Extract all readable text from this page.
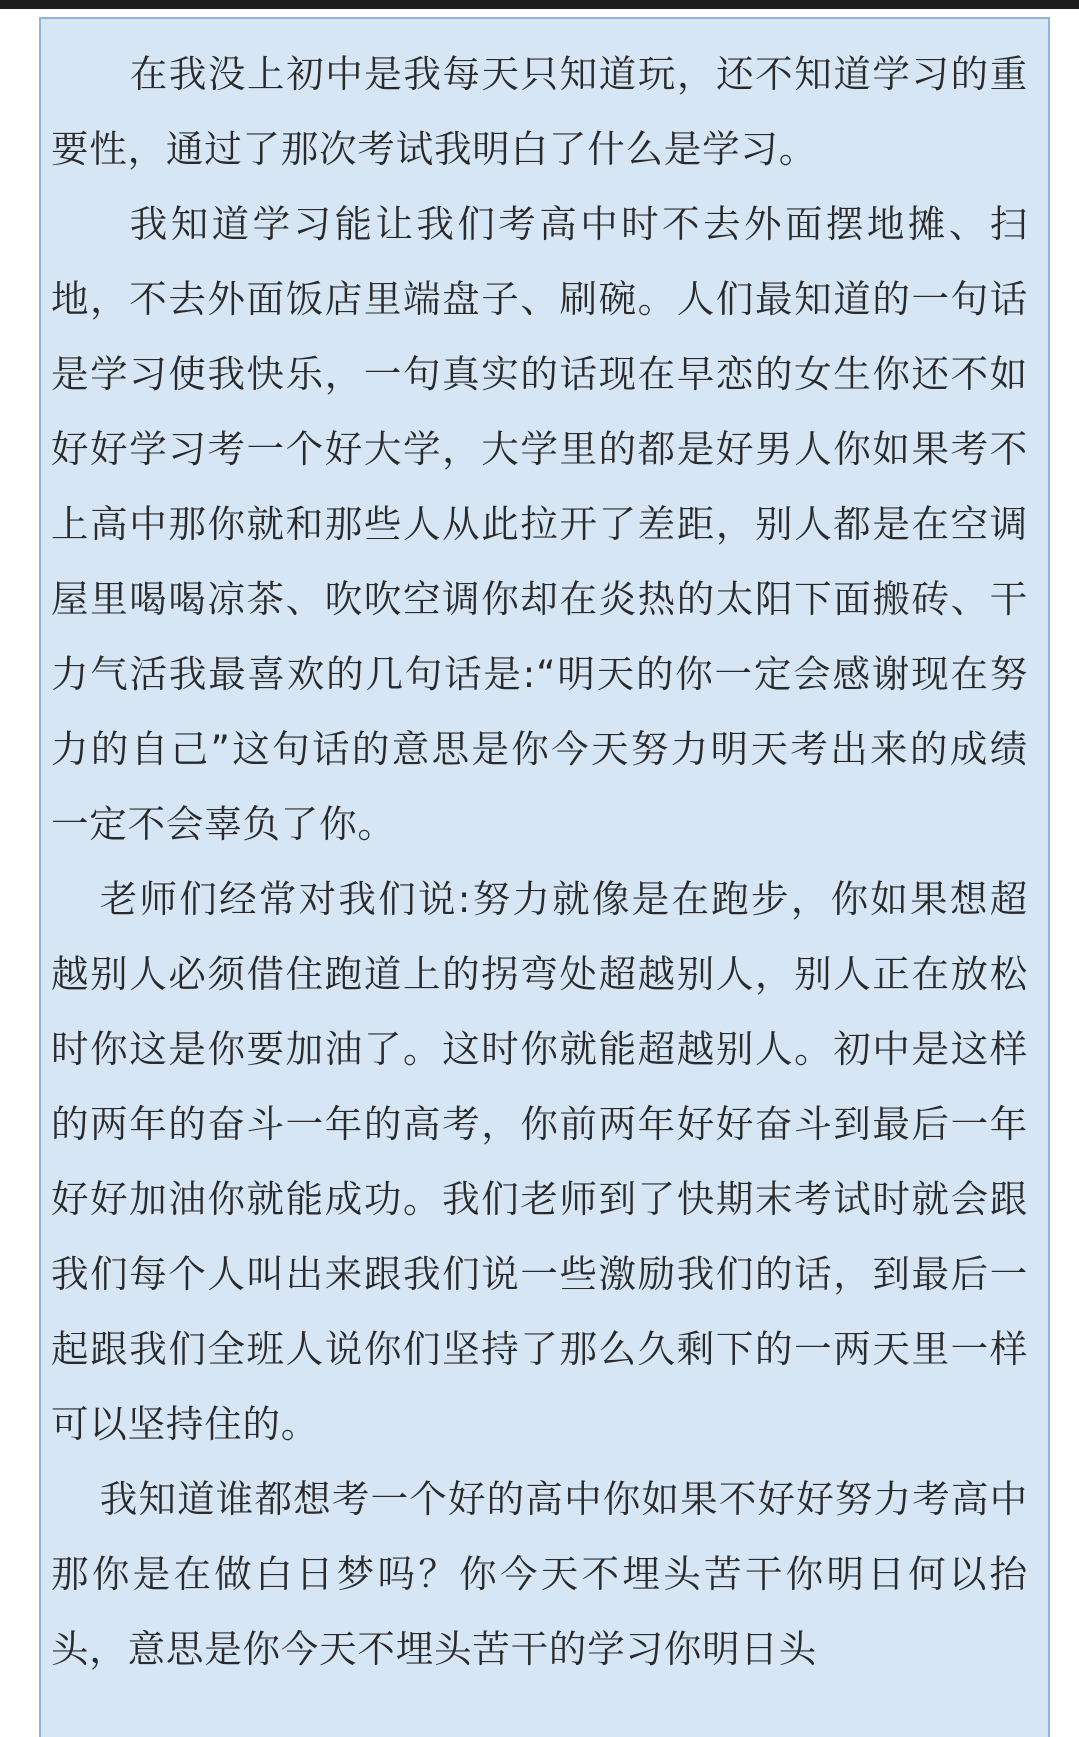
在我没上初中是我每天只知道玩，还不知道学习的重要性，通过了那次考试我明白了什么是学习。

我知道学习能让我们考高中时不去外面摆地摊、扫地，不去外面饭店里端盘子、刷碗。人们最知道的一句话是学习使我快乐，一句真实的话现在早恋的女生你还不如好好学习考一个好大学，大学里的都是好男人你如果考不上高中那你就和那些人从此拉开了差距，别人都是在空调屋里喝喝凉茶、吹吹空调你却在炎热的太阳下面搬砖、干力气活我最喜欢的几句话是:“明天的你一定会感谢现在努力的自己”这句话的意思是你今天努力明天考出来的成绩一定不会辜负了你。

老师们经常对我们说:努力就像是在跑步，你如果想超越别人必须借住跑道上的拐弯处超越别人，别人正在放松时你这是你要加油了。这时你就能超越别人。初中是这样的两年的奋斗一年的高考，你前两年好好奋斗到最后一年好好加油你就能成功。我们老师到了快期末考试时就会跟我们每个人叫出来跟我们说一些激励我们的话，到最后一起跟我们全班人说你们坚持了那么久剩下的一两天里一样可以坚持住的。

我知道谁都想考一个好的高中你如果不好好努力考高中那你是在做白日梦吗？你今天不埋头苦干你明日何以抬头，意思是你今天不埋头苦干的学习你明日头
